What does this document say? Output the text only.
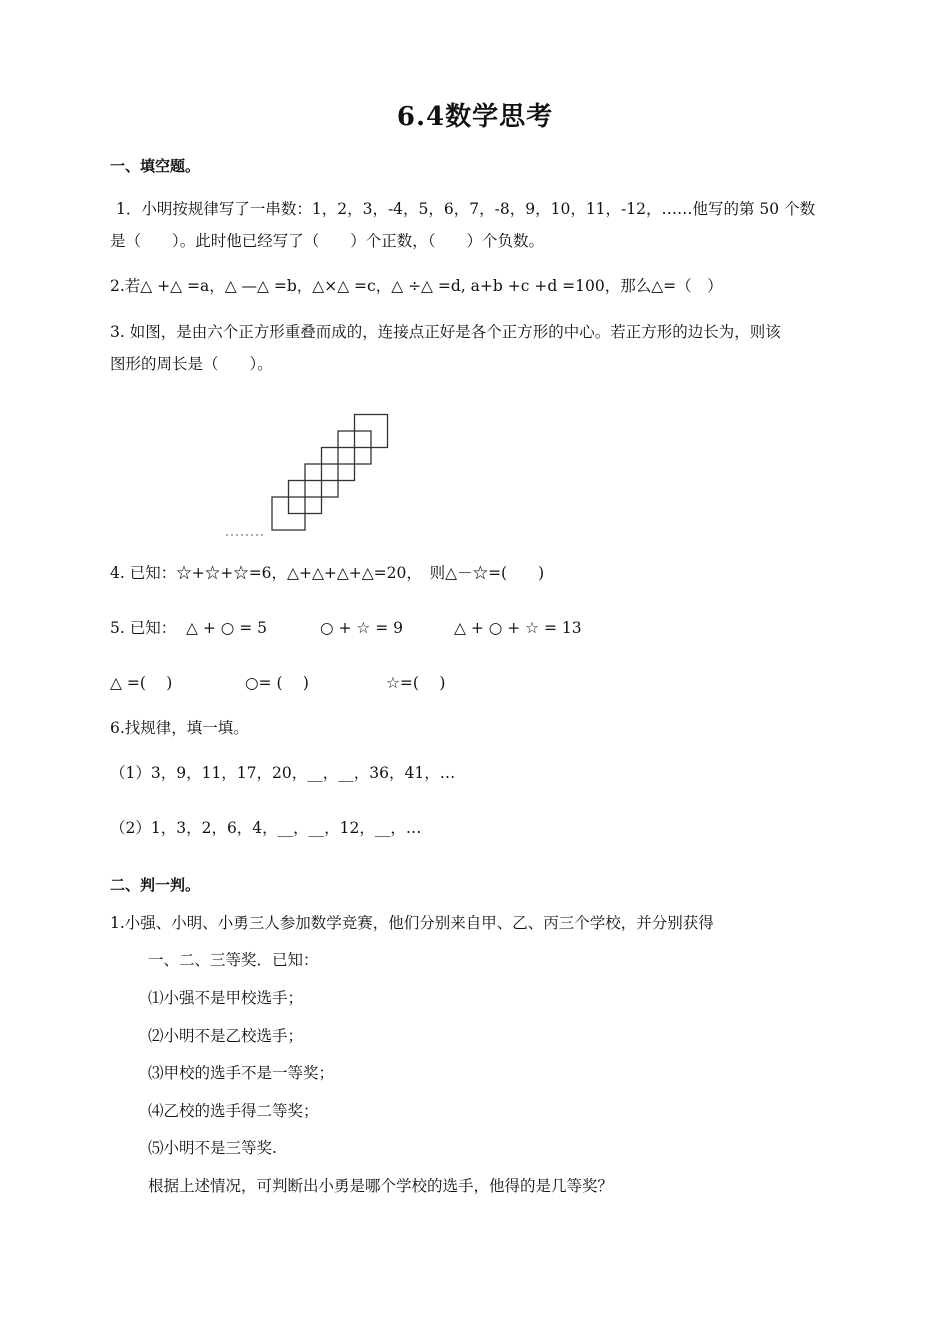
6.4数学思考
一、填空题。
1．小明按规律写了一串数：1，2，3，-4，5，6，7，-8，9，10，11，-12，……他写的第 50 个数
是（　　）。此时他已经写了（　　）个正数，（　　）个负数。
2.若△ +△ =a，△ —△ =b，△×△ =c，△ ÷△ =d, a+b +c +d =100，那么△=（　）
3. 如图，是由六个正方形重叠而成的，连接点正好是各个正方形的中心。若正方形的边长为，则该
图形的周长是（　　）。
4. 已知：☆+☆+☆=6，△+△+△+△=20，　则△－☆=(　　)
5. 已知： △ + ○ = 5	○ + ☆ = 9	△ + ○ + ☆ = 13
△ =(　 )	○= (　 )	☆=(　 )
6.找规律，填一填。
（1）3，9，11，17，20，__，__，36，41，…
（2）1，3，2，6，4，__，__，12，__，…
二、判一判。
1.小强、小明、小勇三人参加数学竞赛，他们分别来自甲、乙、丙三个学校，并分别获得
一、二、三等奖．已知：
⑴小强不是甲校选手；
⑵小明不是乙校选手；
⑶甲校的选手不是一等奖；
⑷乙校的选手得二等奖；
⑸小明不是三等奖.
根据上述情况，可判断出小勇是哪个学校的选手，他得的是几等奖？
